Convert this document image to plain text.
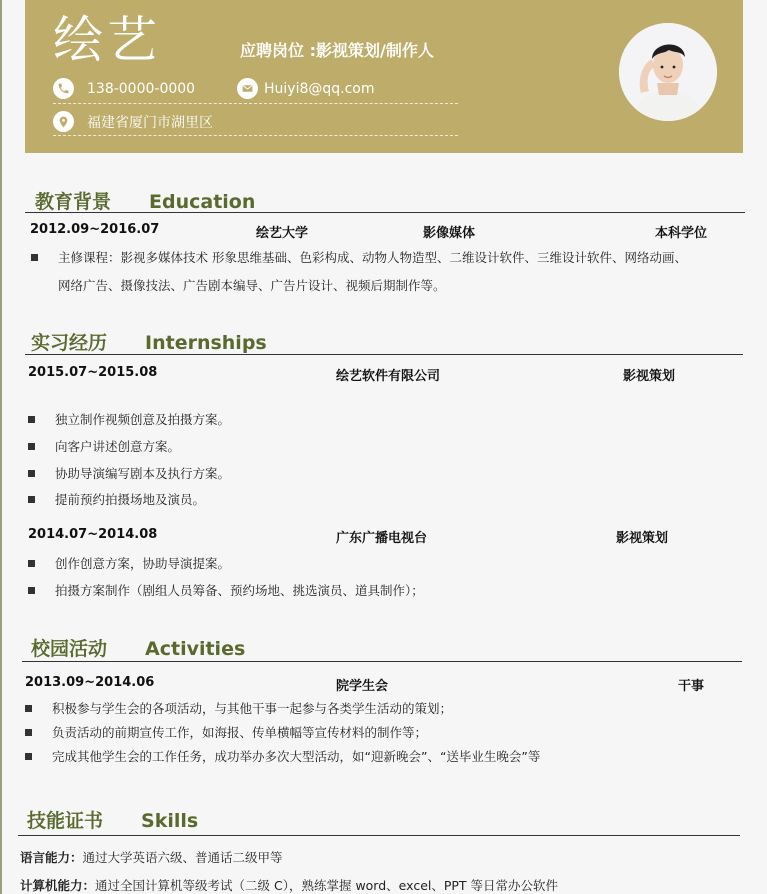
绘艺	应聘岗位 :影视策划/制作人
138-0000-0000	Huiyi8@qq.com
福建省厦门市湖里区
教育背景 Education
2012.09~2016.07	绘艺大学	影像媒体	本科学位
主修课程：影视多媒体技术 形象思维基础、色彩构成、动物人物造型、二维设计软件、三维设计软件、网络动画、
网络广告、摄像技法、广告剧本编导、广告片设计、视频后期制作等。
实习经历 Internships
2015.07~2015.08	绘艺软件有限公司	影视策划
独立制作视频创意及拍摄方案。
向客户讲述创意方案。
协助导演编写剧本及执行方案。
提前预约拍摄场地及演员。
2014.07~2014.08	广东广播电视台	影视策划
创作创意方案，协助导演提案。
拍摄方案制作（剧组人员筹备、预约场地、挑选演员、道具制作）；
校园活动 Activities
2013.09~2014.06	院学生会	干事
积极参与学生会的各项活动，与其他干事一起参与各类学生活动的策划；
负责活动的前期宣传工作，如海报、传单横幅等宣传材料的制作等；
完成其他学生会的工作任务，成功举办多次大型活动，如“迎新晚会”、“送毕业生晚会”等
技能证书 Skills
语言能力：通过大学英语六级、普通话二级甲等
计算机能力：通过全国计算机等级考试（二级 C），熟练掌握 word、excel、PPT 等日常办公软件
